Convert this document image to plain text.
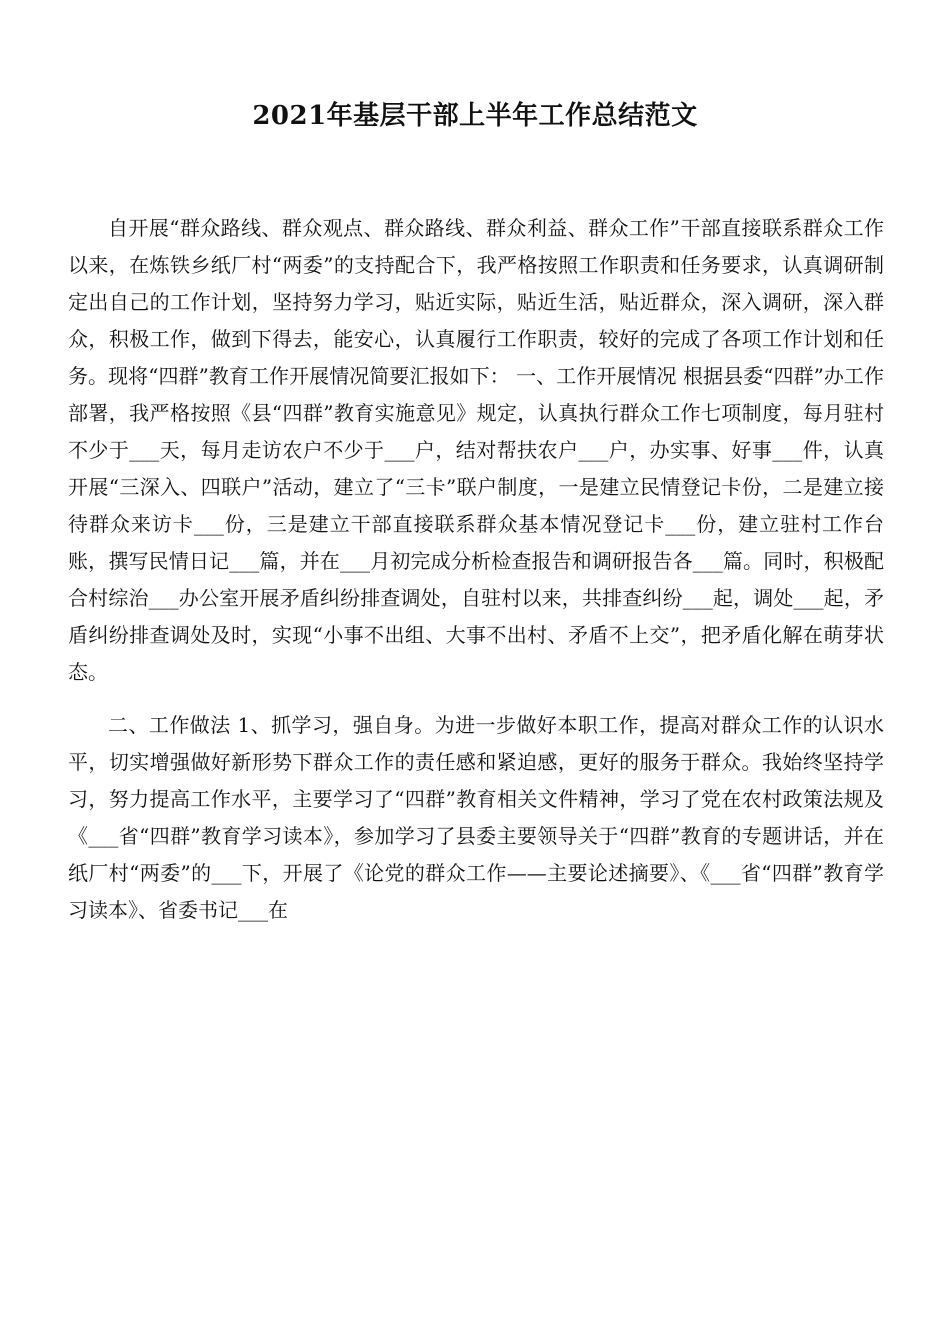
2021年基层干部上半年工作总结范文

自开展“群众路线、群众观点、群众路线、群众利益、群众工作”干部直接联系群众工作以来，在炼铁乡纸厂村“两委”的支持配合下，我严格按照工作职责和任务要求，认真调研制定出自己的工作计划，坚持努力学习，贴近实际，贴近生活，贴近群众，深入调研，深入群众，积极工作，做到下得去，能安心，认真履行工作职责，较好的完成了各项工作计划和任务。现将“四群”教育工作开展情况简要汇报如下： 一、工作开展情况 根据县委“四群”办工作部署，我严格按照《县“四群”教育实施意见》规定，认真执行群众工作七项制度，每月驻村不少于___天，每月走访农户不少于___户，结对帮扶农户___户，办实事、好事___件，认真开展“三深入、四联户”活动，建立了“三卡”联户制度，一是建立民情登记卡份，二是建立接待群众来访卡___份，三是建立干部直接联系群众基本情况登记卡___份，建立驻村工作台账，撰写民情日记___篇，并在___月初完成分析检查报告和调研报告各___篇。同时，积极配合村综治___办公室开展矛盾纠纷排查调处，自驻村以来，共排查纠纷___起，调处___起，矛盾纠纷排查调处及时，实现“小事不出组、大事不出村、矛盾不上交”，把矛盾化解在萌芽状态。

二、工作做法 1、抓学习，强自身。为进一步做好本职工作，提高对群众工作的认识水平，切实增强做好新形势下群众工作的责任感和紧迫感，更好的服务于群众。我始终坚持学习，努力提高工作水平，主要学习了“四群”教育相关文件精神，学习了党在农村政策法规及《___省“四群”教育学习读本》，参加学习了县委主要领导关于“四群”教育的专题讲话，并在纸厂村“两委”的___下，开展了《论党的群众工作——主要论述摘要》、《___省“四群”教育学习读本》、省委书记___在
